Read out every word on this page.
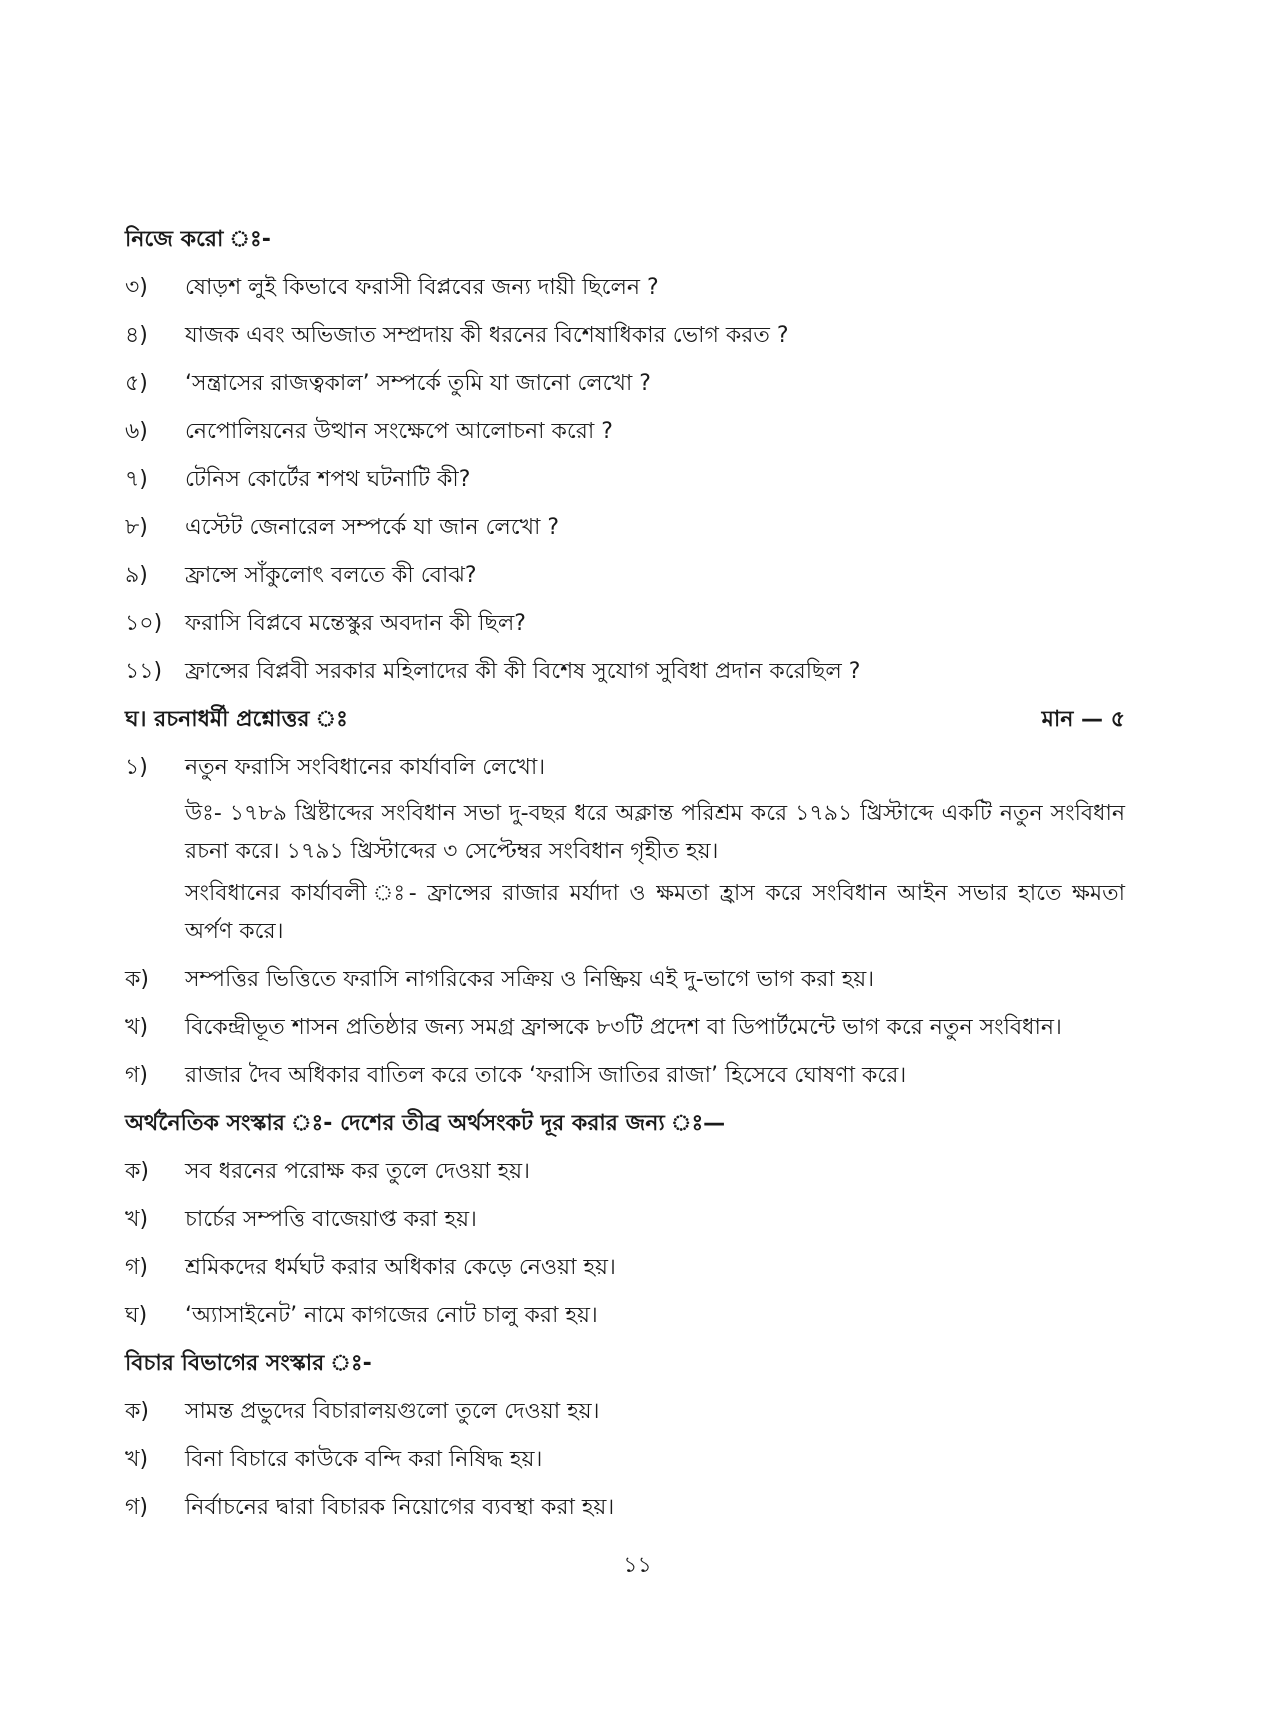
নিজে করো ঃ-
৩) ষোড়শ লুই কিভাবে ফরাসী বিপ্লবের জন্য দায়ী ছিলেন ?
৪) যাজক এবং অভিজাত সম্প্রদায় কী ধরনের বিশেষাধিকার ভোগ করত ?
৫) ‘সন্ত্রাসের রাজত্বকাল’ সম্পর্কে তুমি যা জানো লেখো ?
৬) নেপোলিয়নের উত্থান সংক্ষেপে আলোচনা করো ?
৭) টেনিস কোর্টের শপথ ঘটনাটি কী?
৮) এস্টেট জেনারেল সম্পর্কে যা জান লেখো ?
৯) ফ্রান্সে সাঁকুলোৎ বলতে কী বোঝ?
১০) ফরাসি বিপ্লবে মন্তেস্কুর অবদান কী ছিল?
১১) ফ্রান্সের বিপ্লবী সরকার মহিলাদের কী কী বিশেষ সুযোগ সুবিধা প্রদান করেছিল ?
ঘ। রচনাধর্মী প্রশ্নোত্তর ঃ	মান — ৫
১) নতুন ফরাসি সংবিধানের কার্যাবলি লেখো।
উঃ- ১৭৮৯ খ্রিষ্টাব্দের সংবিধান সভা দু-বছর ধরে অক্লান্ত পরিশ্রম করে ১৭৯১ খ্রিস্টাব্দে একটি নতুন সংবিধান রচনা করে। ১৭৯১ খ্রিস্টাব্দের ৩ সেপ্টেম্বর সংবিধান গৃহীত হয়।
সংবিধানের কার্যাবলী ঃ- ফ্রান্সের রাজার মর্যাদা ও ক্ষমতা হ্রাস করে সংবিধান আইন সভার হাতে ক্ষমতা অর্পণ করে।
ক) সম্পত্তির ভিত্তিতে ফরাসি নাগরিকের সক্রিয় ও নিষ্ক্রিয় এই দু-ভাগে ভাগ করা হয়।
খ) বিকেন্দ্রীভূত শাসন প্রতিষ্ঠার জন্য সমগ্র ফ্রান্সকে ৮৩টি প্রদেশ বা ডিপার্টমেন্টে ভাগ করে নতুন সংবিধান।
গ) রাজার দৈব অধিকার বাতিল করে তাকে ‘ফরাসি জাতির রাজা’ হিসেবে ঘোষণা করে।
অর্থনৈতিক সংস্কার ঃ- দেশের তীব্র অর্থসংকট দূর করার জন্য ঃ—
ক) সব ধরনের পরোক্ষ কর তুলে দেওয়া হয়।
খ) চার্চের সম্পত্তি বাজেয়াপ্ত করা হয়।
গ) শ্রমিকদের ধর্মঘট করার অধিকার কেড়ে নেওয়া হয়।
ঘ) ‘অ্যাসাইনেট’ নামে কাগজের নোট চালু করা হয়।
বিচার বিভাগের সংস্কার ঃ-
ক) সামন্ত প্রভুদের বিচারালয়গুলো তুলে দেওয়া হয়।
খ) বিনা বিচারে কাউকে বন্দি করা নিষিদ্ধ হয়।
গ) নির্বাচনের দ্বারা বিচারক নিয়োগের ব্যবস্থা করা হয়।
১১
